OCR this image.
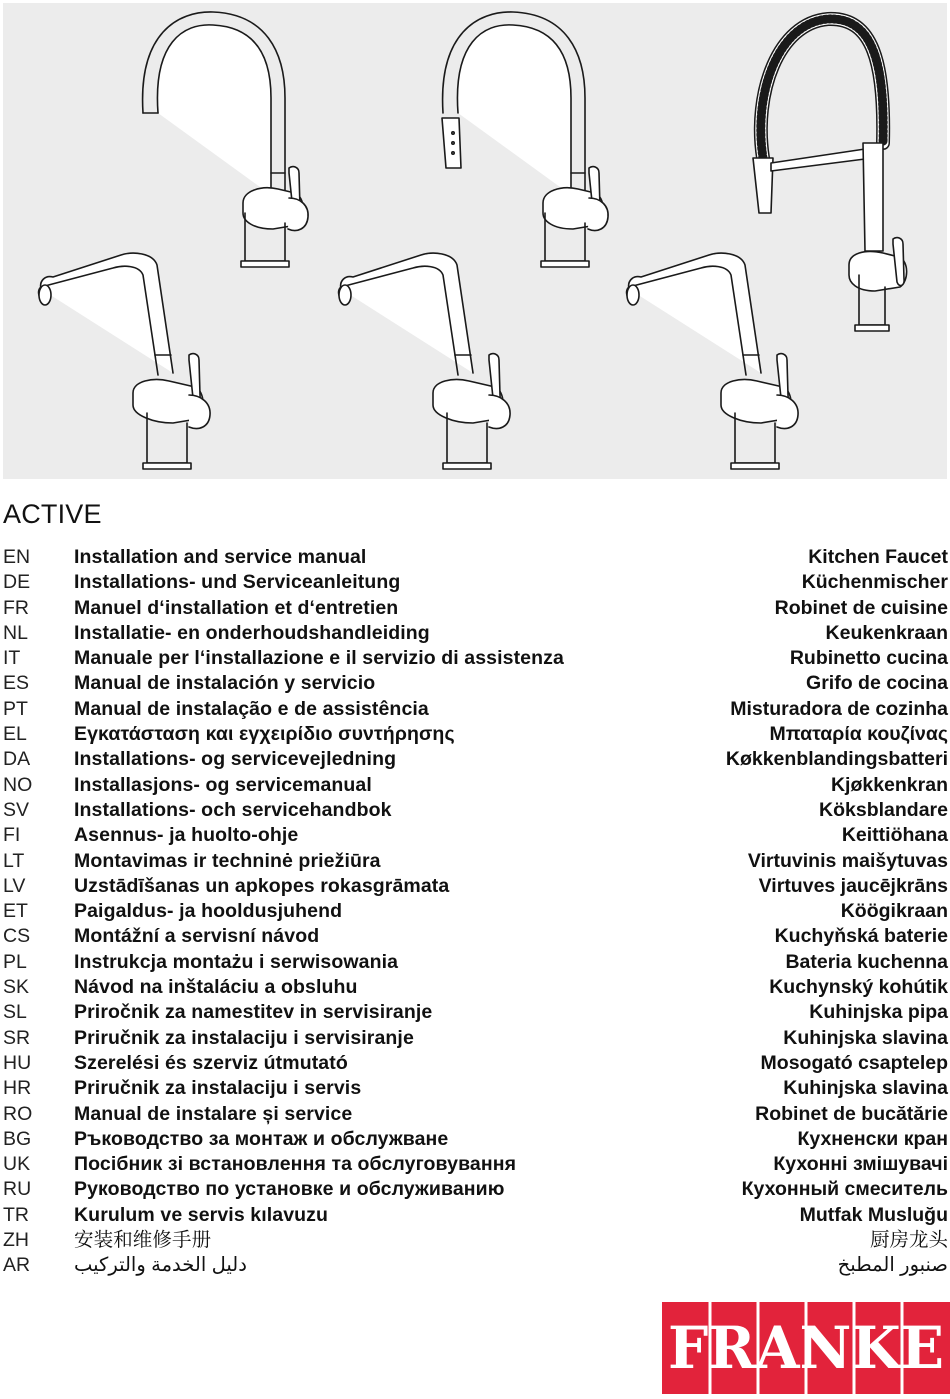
ACTIVE
EN Installation and service manual	Kitchen Faucet
DE Installations- und Serviceanleitung	Küchenmischer
FR Manuel d‘installation et d‘entretien	Robinet de cuisine
NL Installatie- en onderhoudshandleiding	Keukenkraan
IT	Manuale per l‘installazione e il servizio di assistenza	Rubinetto cucina
ES Manual de instalación y servicio	Grifo de cocina
PT Manual de instalação e de assistência	Misturadora de cozinha
EL Εγκατάσταση και εγχειρίδιο συντήρησης	Μπαταρία κουζίνας
DA Installations- og servicevejledning	Køkkenblandingsbatteri
NO Installasjons- og servicemanual	Kjøkkenkran
SV Installations- och servicehandbok	Köksblandare
FI	Asennus- ja huolto-ohje	Keittiöhana
LT	Montavimas ir techninė priežiūra	Virtuvinis maišytuvas
LV Uzstādīšanas un apkopes rokasgrāmata	Virtuves jaucējkrāns
ET Paigaldus- ja hooldusjuhend	Köögikraan
CS Montážní a servisní návod	Kuchyňská baterie
PL Instrukcja montażu i serwisowania	Bateria kuchenna
SK Návod na inštaláciu a obsluhu	Kuchynský kohútik
SL Priročnik za namestitev in servisiranje	Kuhinjska pipa
SR Priručnik za instalaciju i servisiranje	Kuhinjska slavina
HU Szerelési és szerviz útmutató	Mosogató csaptelep
HR Priručnik za instalaciju i servis	Kuhinjska slavina
RO Manual de instalare și service	Robinet de bucătărie
BG Ръководство за монтаж и обслужване	Кухненски кран
UK Посібник зі встановлення та обслуговування	Кухонні змішувачі
RU Руководство по установке и обслуживанию	Кухонный смеситель
TR Kurulum ve servis kılavuzu	Mutfak Musluğu
ZH 安装和维修手册	厨房龙头
AR دليل الخدمة والتركيب	صنبور المطبخ
FRANKE
